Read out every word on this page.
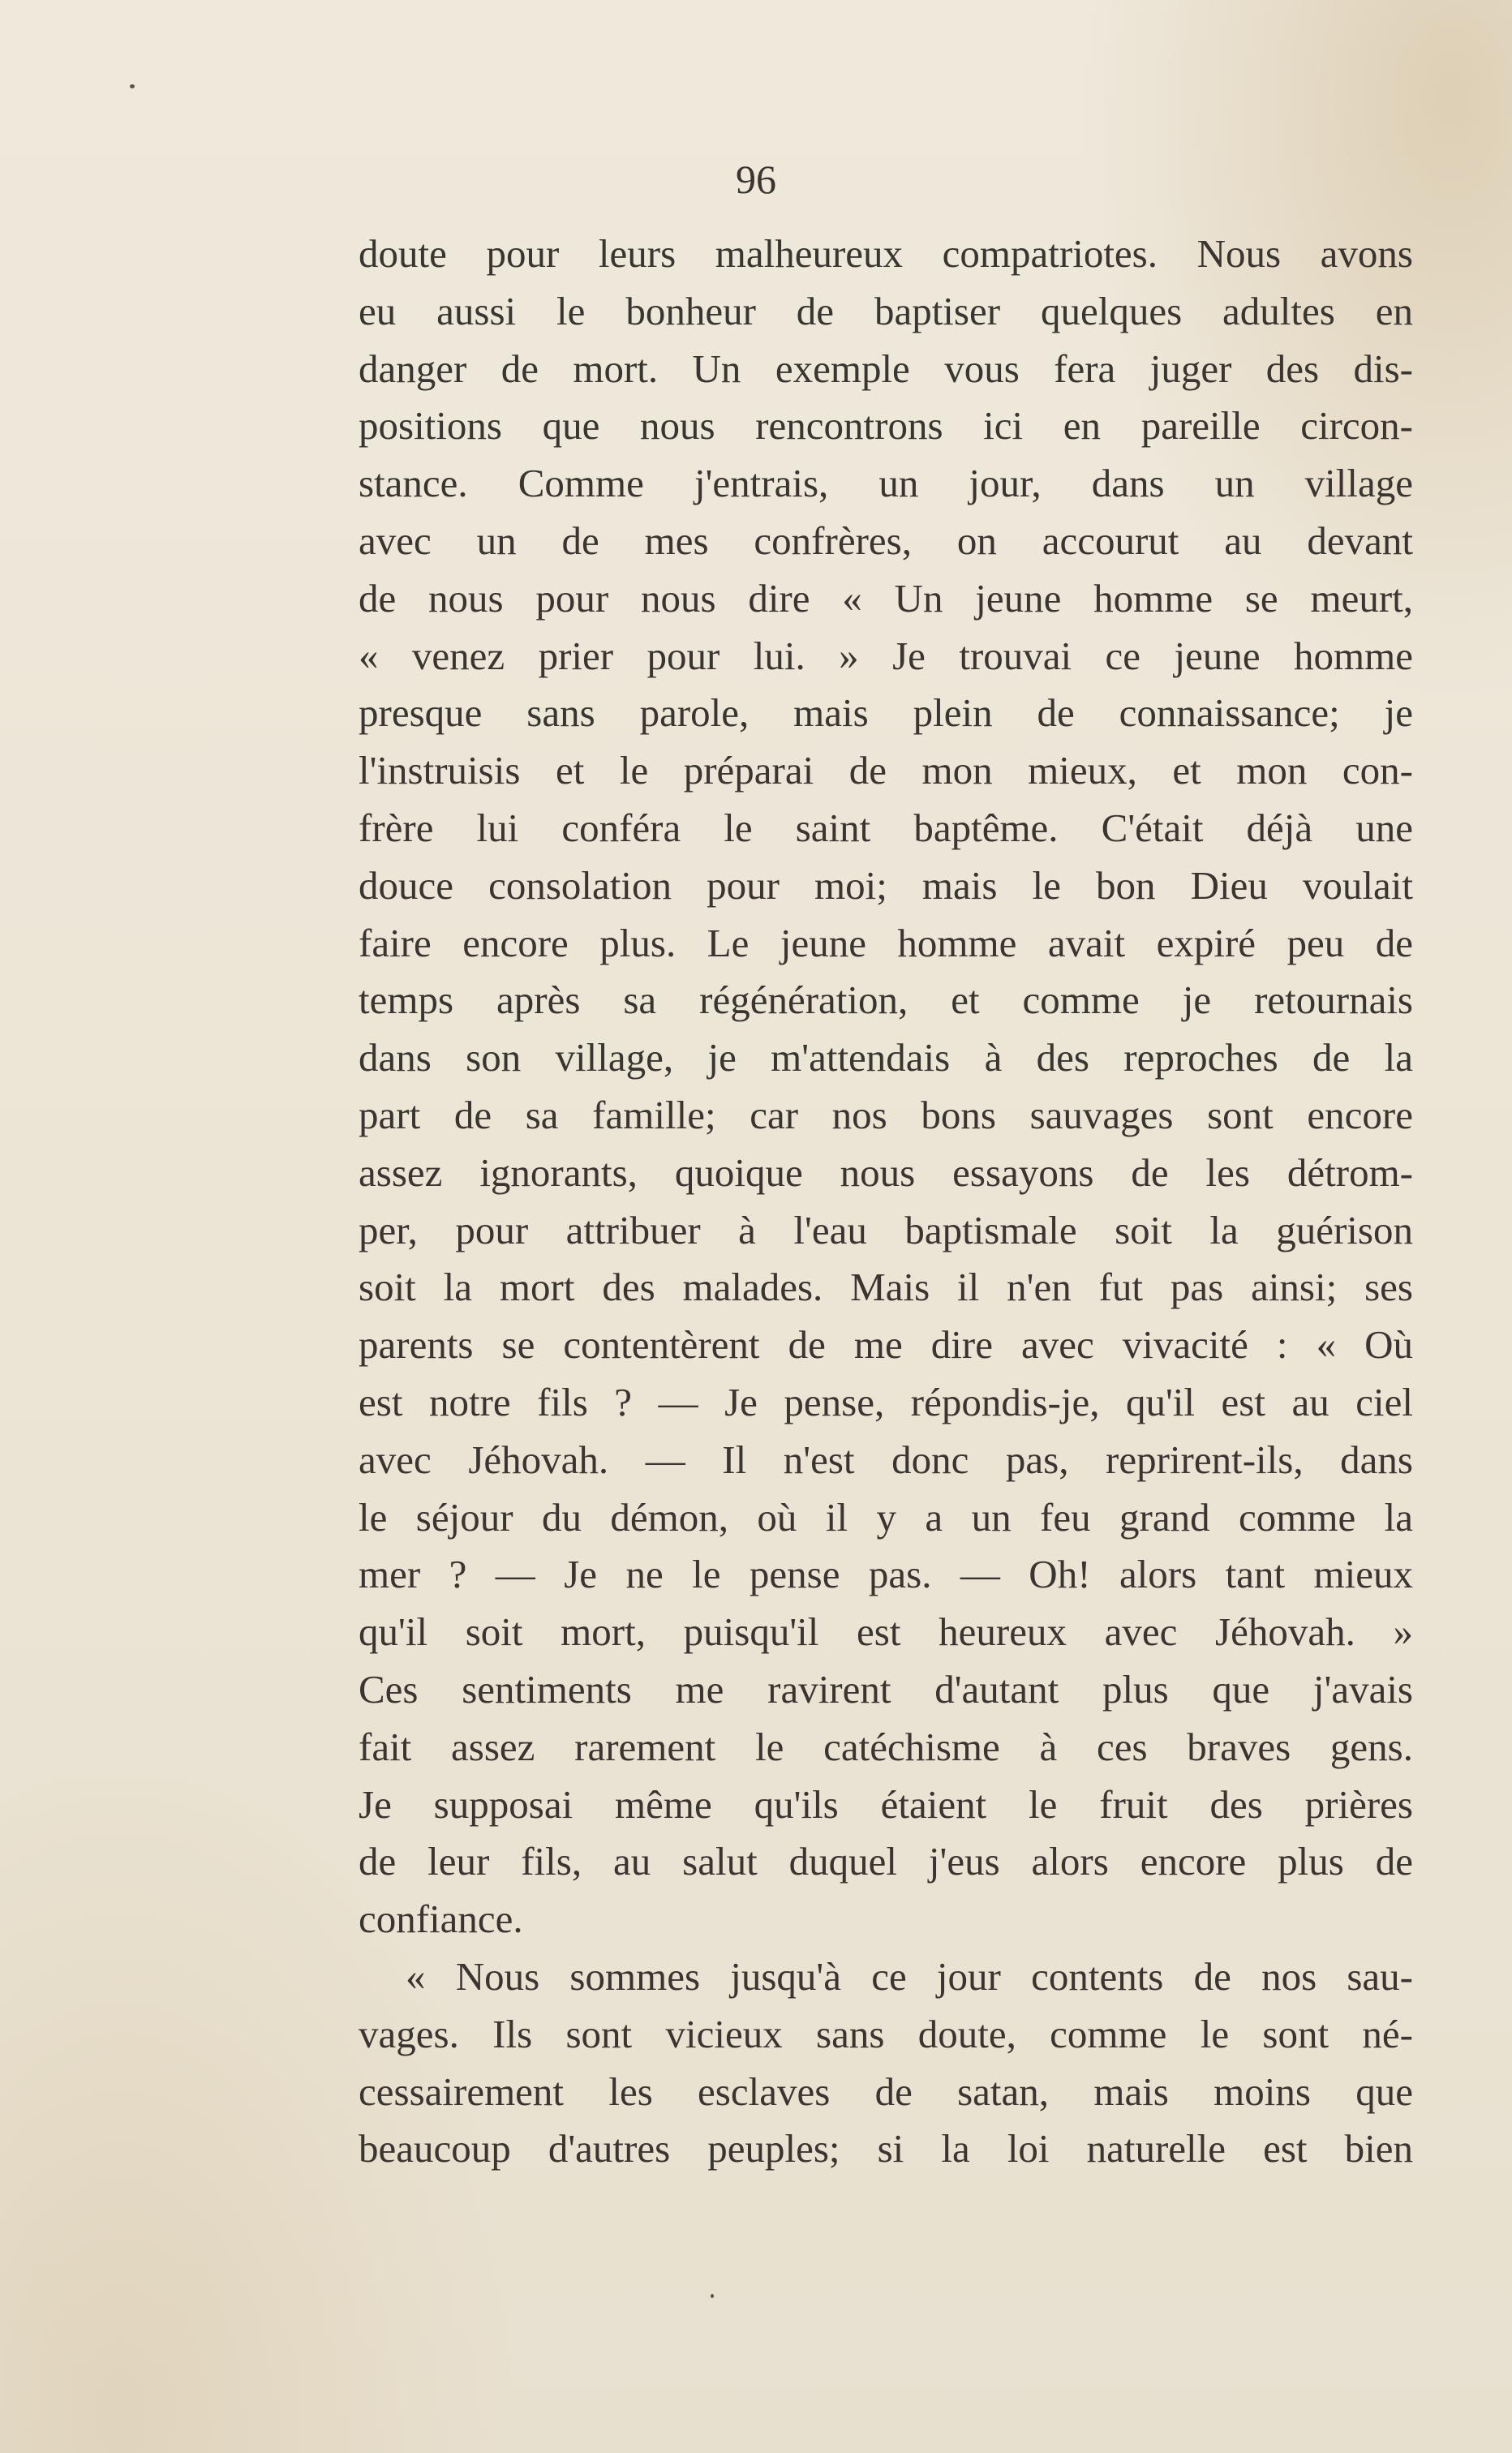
96

doute pour leurs malheureux compatriotes. Nous avons
eu aussi le bonheur de baptiser quelques adultes en
danger de mort. Un exemple vous fera juger des dis-
positions que nous rencontrons ici en pareille circon-
stance. Comme j'entrais, un jour, dans un village
avec un de mes confrères, on accourut au devant
de nous pour nous dire « Un jeune homme se meurt,
« venez prier pour lui. » Je trouvai ce jeune homme
presque sans parole, mais plein de connaissance; je
l'instruisis et le préparai de mon mieux, et mon con-
frère lui conféra le saint baptême. C'était déjà une
douce consolation pour moi; mais le bon Dieu voulait
faire encore plus. Le jeune homme avait expiré peu de
temps après sa régénération, et comme je retournais
dans son village, je m'attendais à des reproches de la
part de sa famille; car nos bons sauvages sont encore
assez ignorants, quoique nous essayons de les détrom-
per, pour attribuer à l'eau baptismale soit la guérison
soit la mort des malades. Mais il n'en fut pas ainsi; ses
parents se contentèrent de me dire avec vivacité : « Où
est notre fils ? — Je pense, répondis-je, qu'il est au ciel
avec Jéhovah. — Il n'est donc pas, reprirent-ils, dans
le séjour du démon, où il y a un feu grand comme la
mer ? — Je ne le pense pas. — Oh! alors tant mieux
qu'il soit mort, puisqu'il est heureux avec Jéhovah. »
Ces sentiments me ravirent d'autant plus que j'avais
fait assez rarement le catéchisme à ces braves gens.
Je supposai même qu'ils étaient le fruit des prières
de leur fils, au salut duquel j'eus alors encore plus de
confiance.
« Nous sommes jusqu'à ce jour contents de nos sau-
vages. Ils sont vicieux sans doute, comme le sont né-
cessairement les esclaves de satan, mais moins que
beaucoup d'autres peuples; si la loi naturelle est bien
